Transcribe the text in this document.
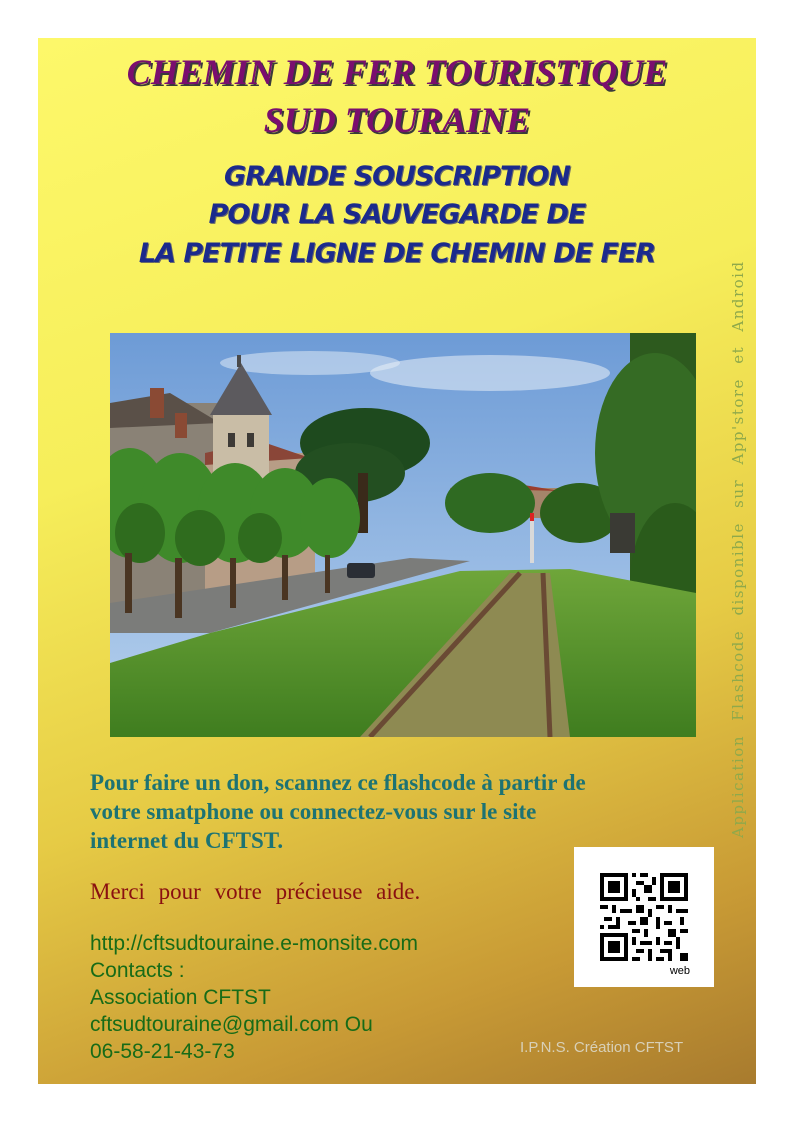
CHEMIN DE FER TOURISTIQUE
SUD TOURAINE
GRANDE SOUSCRIPTION
POUR LA SAUVEGARDE DE
LA PETITE LIGNE DE CHEMIN DE FER
Application Flashcode disponible sur App'store et Android
Pour faire un don, scannez ce flashcode à partir de
votre smatphone ou connectez-vous sur le site
internet du CFTST.
Merci pour votre précieuse aide.
http://cftsudtouraine.e-monsite.com
Contacts :
Association CFTST
cftsudtouraine@gmail.com Ou
06-58-21-43-73
web
I.P.N.S. Création CFTST
